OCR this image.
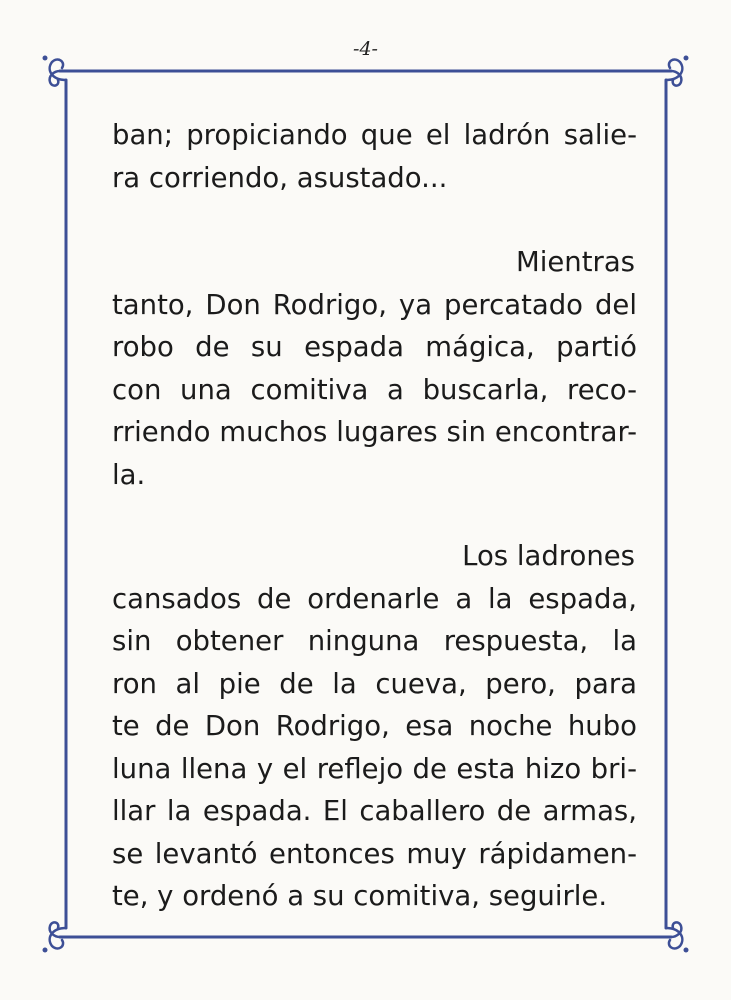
-4-
ban; propiciando que el ladrón salie-
ra corriendo, asustado...
Mientras
tanto, Don Rodrigo, ya percatado del
robo de su espada mágica, partió
con una comitiva a buscarla, reco-
rriendo muchos lugares sin encontrar-
la.
Los ladrones
cansados de ordenarle a la espada,
sin obtener ninguna respuesta, la
ron al pie de la cueva, pero, para
te de Don Rodrigo, esa noche hubo
luna llena y el reflejo de esta hizo bri-
llar la espada. El caballero de armas,
se levantó entonces muy rápidamen-
te, y ordenó a su comitiva, seguirle.
